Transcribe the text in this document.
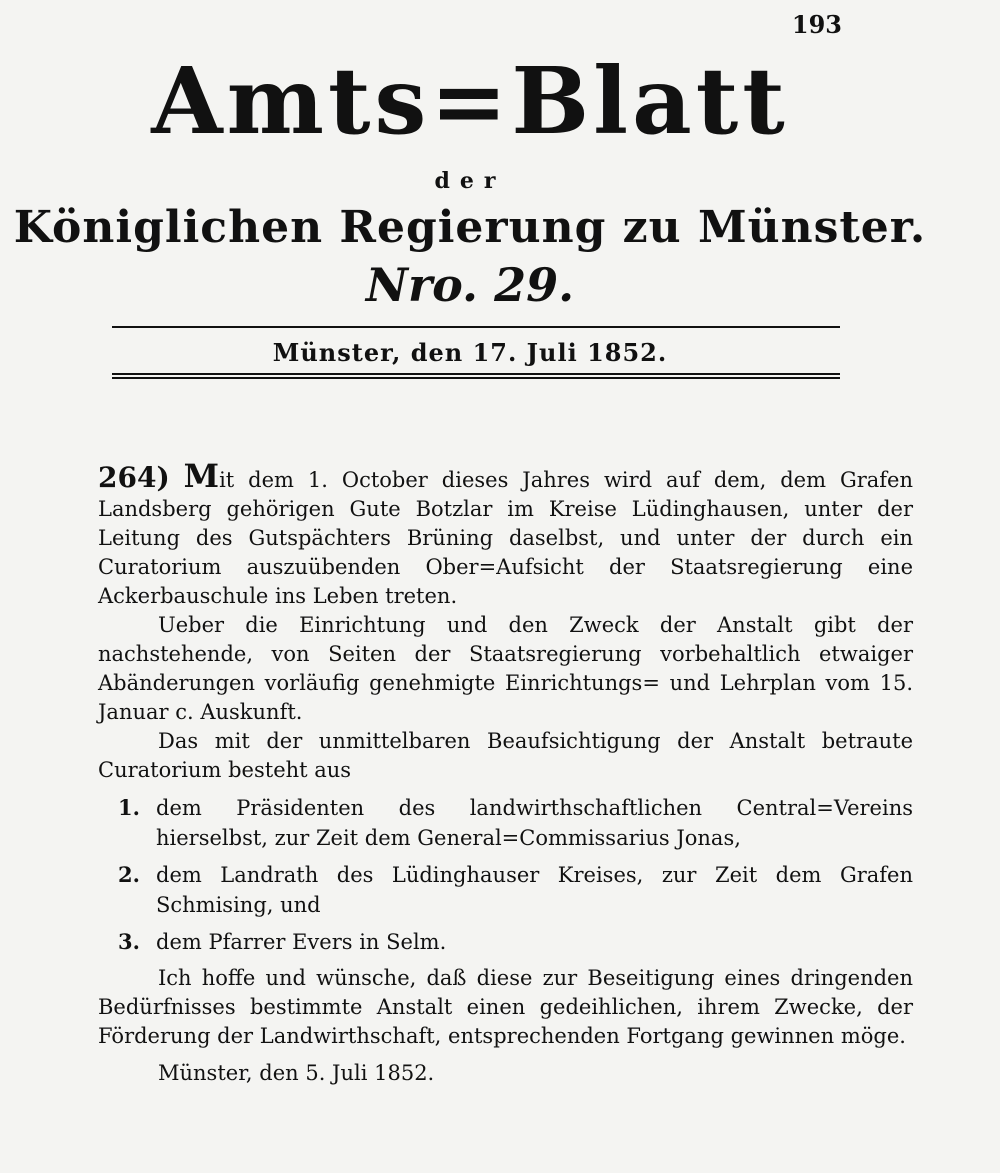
193
Amts=Blatt
der
Königlichen Regierung zu Münster.
Nro. 29.
Münster, den 17. Juli 1852.

264) Mit dem 1. October dieses Jahres wird auf dem, dem Grafen Landsberg gehörigen Gute Botzlar im Kreise Lüdinghausen, unter der Leitung des Gutspächters Brüning daselbst, und unter der durch ein Curatorium auszuübenden Ober=Aufsicht der Staatsregierung eine Ackerbauschule ins Leben treten.

Ueber die Einrichtung und den Zweck der Anstalt gibt der nachstehende, von Seiten der Staatsregierung vorbehaltlich etwaiger Abänderungen vorläufig genehmigte Einrichtungs= und Lehrplan vom 15. Januar c. Auskunft.

Das mit der unmittelbaren Beaufsichtigung der Anstalt betraute Curatorium besteht aus

1. dem Präsidenten des landwirthschaftlichen Central=Vereins hierselbst, zur Zeit dem General=Commissarius Jonas,
2. dem Landrath des Lüdinghauser Kreises, zur Zeit dem Grafen Schmising, und
3. dem Pfarrer Evers in Selm.

Ich hoffe und wünsche, daß diese zur Beseitigung eines dringenden Bedürfnisses bestimmte Anstalt einen gedeihlichen, ihrem Zwecke, der Förderung der Landwirthschaft, entsprechenden Fortgang gewinnen möge.

Münster, den 5. Juli 1852.
